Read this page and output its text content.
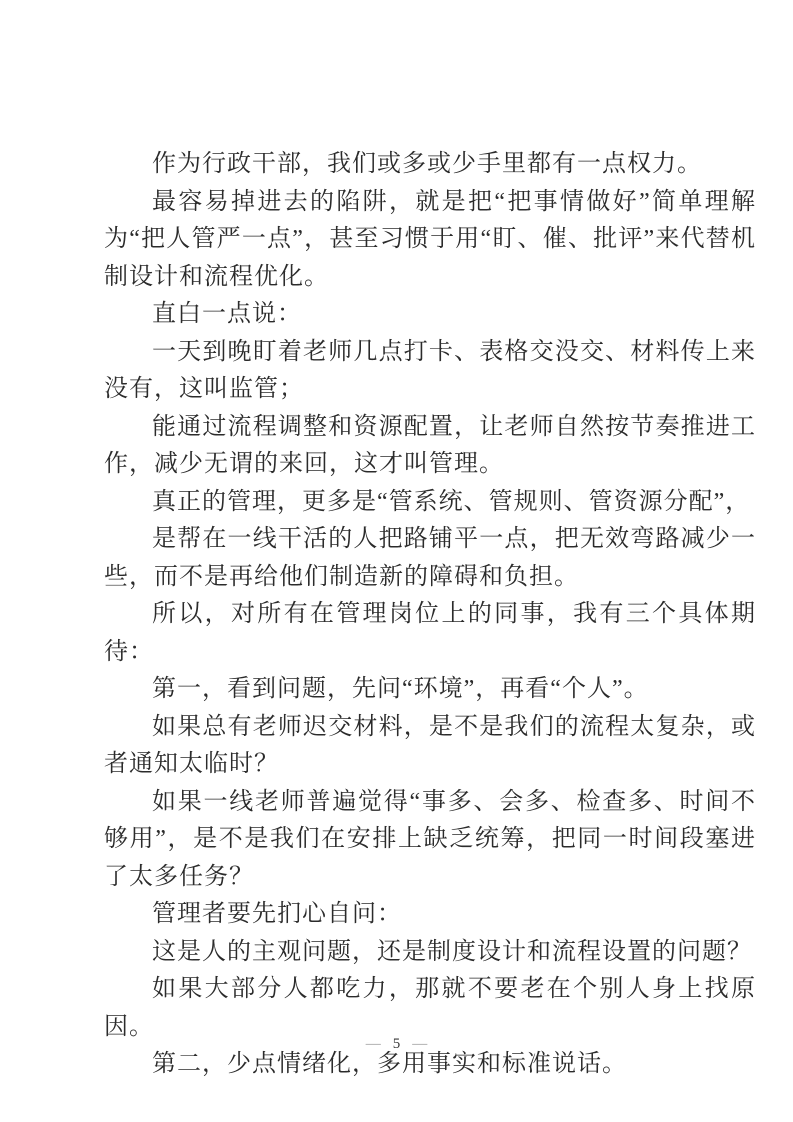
作为行政干部，我们或多或少手里都有一点权力。

最容易掉进去的陷阱，就是把“把事情做好”简单理解为“把人管严一点”，甚至习惯于用“盯、催、批评”来代替机制设计和流程优化。

直白一点说：

一天到晚盯着老师几点打卡、表格交没交、材料传上来没有，这叫监管；

能通过流程调整和资源配置，让老师自然按节奏推进工作，减少无谓的来回，这才叫管理。

真正的管理，更多是“管系统、管规则、管资源分配”，

是帮在一线干活的人把路铺平一点，把无效弯路减少一些，而不是再给他们制造新的障碍和负担。

所以，对所有在管理岗位上的同事，我有三个具体期待：

第一，看到问题，先问“环境”，再看“个人”。

如果总有老师迟交材料，是不是我们的流程太复杂，或者通知太临时？

如果一线老师普遍觉得“事多、会多、检查多、时间不够用”，是不是我们在安排上缺乏统筹，把同一时间段塞进了太多任务？

管理者要先扪心自问：

这是人的主观问题，还是制度设计和流程设置的问题？

如果大部分人都吃力，那就不要老在个别人身上找原因。

第二，少点情绪化，多用事实和标准说话。

— 5 —
